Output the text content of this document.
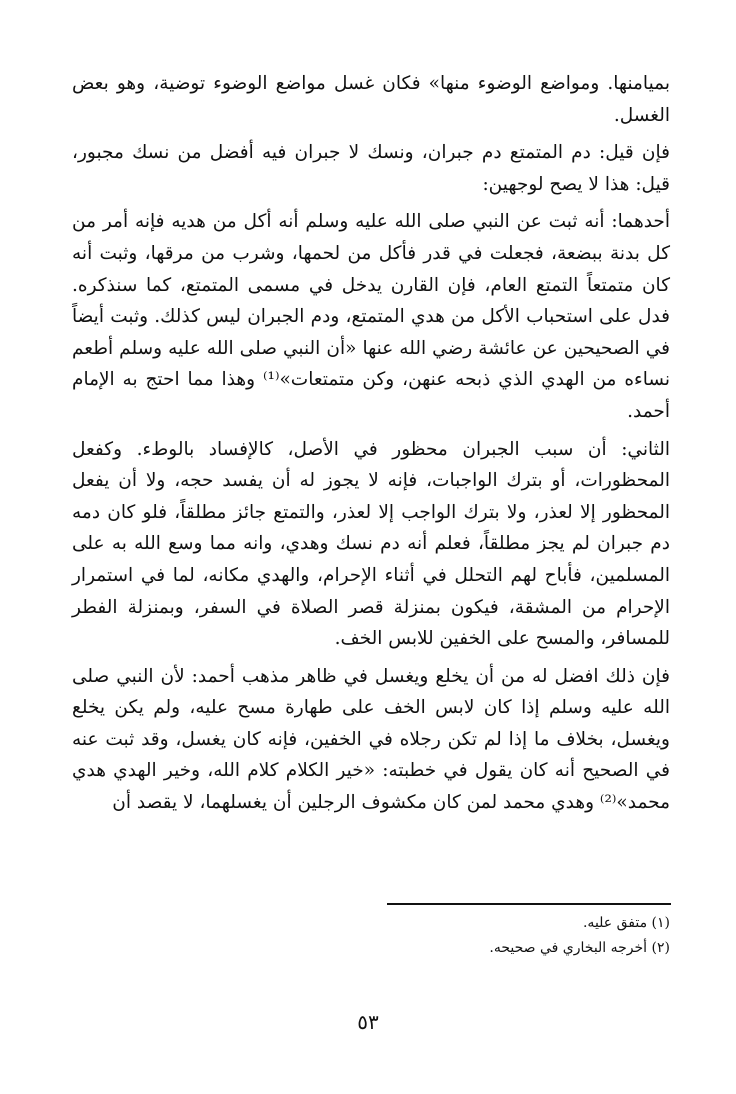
بميامنها. ومواضع الوضوء منها» فكان غسل مواضع الوضوء توضية، وهو بعض الغسل.

فإن قيل: دم المتمتع دم جبران، ونسك لا جبران فيه أفضل من نسك مجبور، قيل: هذا لا يصح لوجهين:

أحدهما: أنه ثبت عن النبي صلى الله عليه وسلم أنه أكل من هديه فإنه أمر من كل بدنة ببضعة، فجعلت في قدر فأكل من لحمها، وشرب من مرقها، وثبت أنه كان متمتعاً التمتع العام، فإن القارن يدخل في مسمى المتمتع، كما سنذكره. فدل على استحباب الأكل من هدي المتمتع، ودم الجبران ليس كذلك. وثبت أيضاً في الصحيحين عن عائشة رضي الله عنها «أن النبي صلى الله عليه وسلم أطعم نساءه من الهدي الذي ذبحه عنهن، وكن متمتعات»⁽¹⁾ وهذا مما احتج به الإمام أحمد.

الثاني: أن سبب الجبران محظور في الأصل، كالإفساد بالوطء. وكفعل المحظورات، أو بترك الواجبات، فإنه لا يجوز له أن يفسد حجه، ولا أن يفعل المحظور إلا لعذر، ولا بترك الواجب إلا لعذر، والتمتع جائز مطلقاً، فلو كان دمه دم جبران لم يجز مطلقاً، فعلم أنه دم نسك وهدي، وانه مما وسع الله به على المسلمين، فأباح لهم التحلل في أثناء الإحرام، والهدي مكانه، لما في استمرار الإحرام من المشقة، فيكون بمنزلة قصر الصلاة في السفر، وبمنزلة الفطر للمسافر، والمسح على الخفين للابس الخف.

فإن ذلك افضل له من أن يخلع ويغسل في ظاهر مذهب أحمد: لأن النبي صلى الله عليه وسلم إذا كان لابس الخف على طهارة مسح عليه، ولم يكن يخلع ويغسل، بخلاف ما إذا لم تكن رجلاه في الخفين، فإنه كان يغسل، وقد ثبت عنه في الصحيح أنه كان يقول في خطبته: «خير الكلام كلام الله، وخير الهدي هدي محمد»⁽²⁾ وهدي محمد لمن كان مكشوف الرجلين أن يغسلهما، لا يقصد أن

(١) متفق عليه.
(٢) أخرجه البخاري في صحيحه.
٥٣
